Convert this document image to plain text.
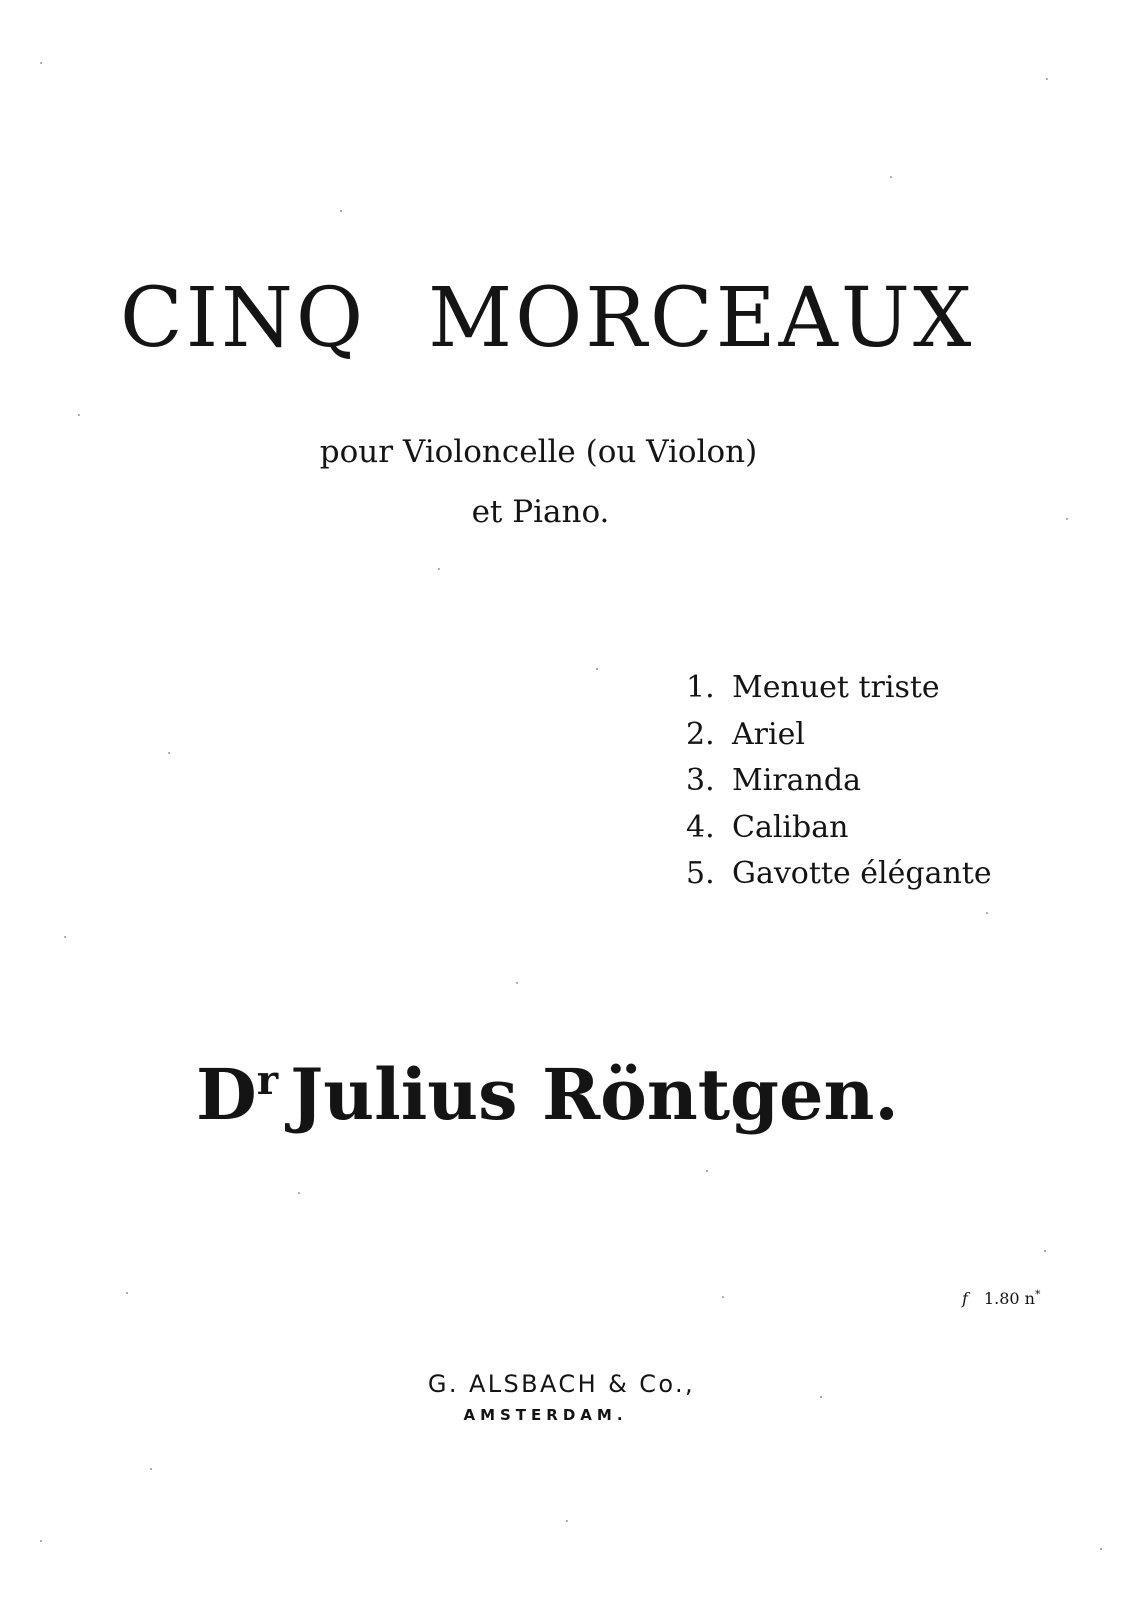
CINQ MORCEAUX
pour Violoncelle (ou Violon)
et Piano.
1. Menuet triste
2. Ariel
3. Miranda
4. Caliban
5. Gavotte élégante
$D^r$ Julius Röntgen.
f 1.80 n*
G. ALSBACH & Co.,
AMSTERDAM.
